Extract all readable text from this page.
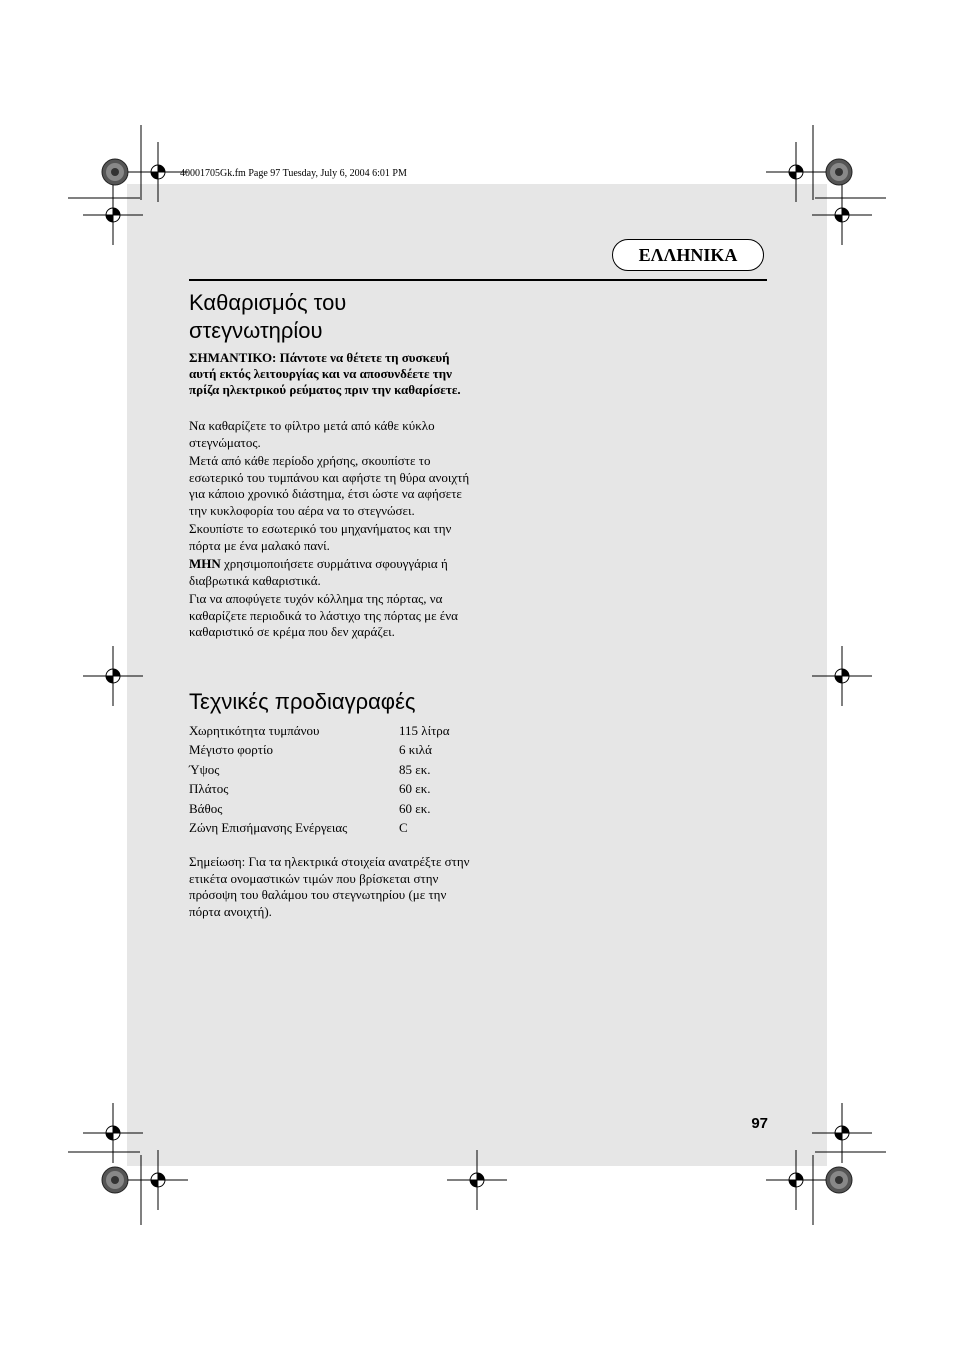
40001705Gk.fm Page 97 Tuesday, July 6, 2004 6:01 PM
ΕΛΛΗΝΙΚΑ
Καθαρισμός του
στεγνωτηρίου

ΣΗΜΑΝΤΙΚΟ: Πάντοτε να θέτετε τη συσκευή αυτή εκτός λειτουργίας και να αποσυνδέετε την πρίζα ηλεκτρικού ρεύματος πριν την καθαρίσετε.

Να καθαρίζετε το φίλτρο μετά από κάθε κύκλο στεγνώματος.

Μετά από κάθε περίοδο χρήσης, σκουπίστε το εσωτερικό του τυμπάνου και αφήστε τη θύρα ανοιχτή για κάποιο χρονικό διάστημα, έτσι ώστε να αφήσετε την κυκλοφορία του αέρα να το στεγνώσει.

Σκουπίστε το εσωτερικό του μηχανήματος και την πόρτα με ένα μαλακό πανί.

ΜΗΝ χρησιμοποιήσετε συρμάτινα σφουγγάρια ή διαβρωτικά καθαριστικά.

Για να αποφύγετε τυχόν κόλλημα της πόρτας, να καθαρίζετε περιοδικά το λάστιχο της πόρτας με ένα καθαριστικό σε κρέμα που δεν χαράζει.

Τεχνικές προδιαγραφές
Χωρητικότητα τυμπάνου	115 λίτρα
Μέγιστο φορτίο	6 κιλά
Ύψος	85 εκ.
Πλάτος	60 εκ.
Βάθος	60 εκ.
Ζώνη Επισήμανσης Ενέργειας	C

Σημείωση: Για τα ηλεκτρικά στοιχεία ανατρέξτε στην ετικέτα ονομαστικών τιμών που βρίσκεται στην πρόσοψη του θαλάμου του στεγνωτηρίου (με την πόρτα ανοιχτή).

97
